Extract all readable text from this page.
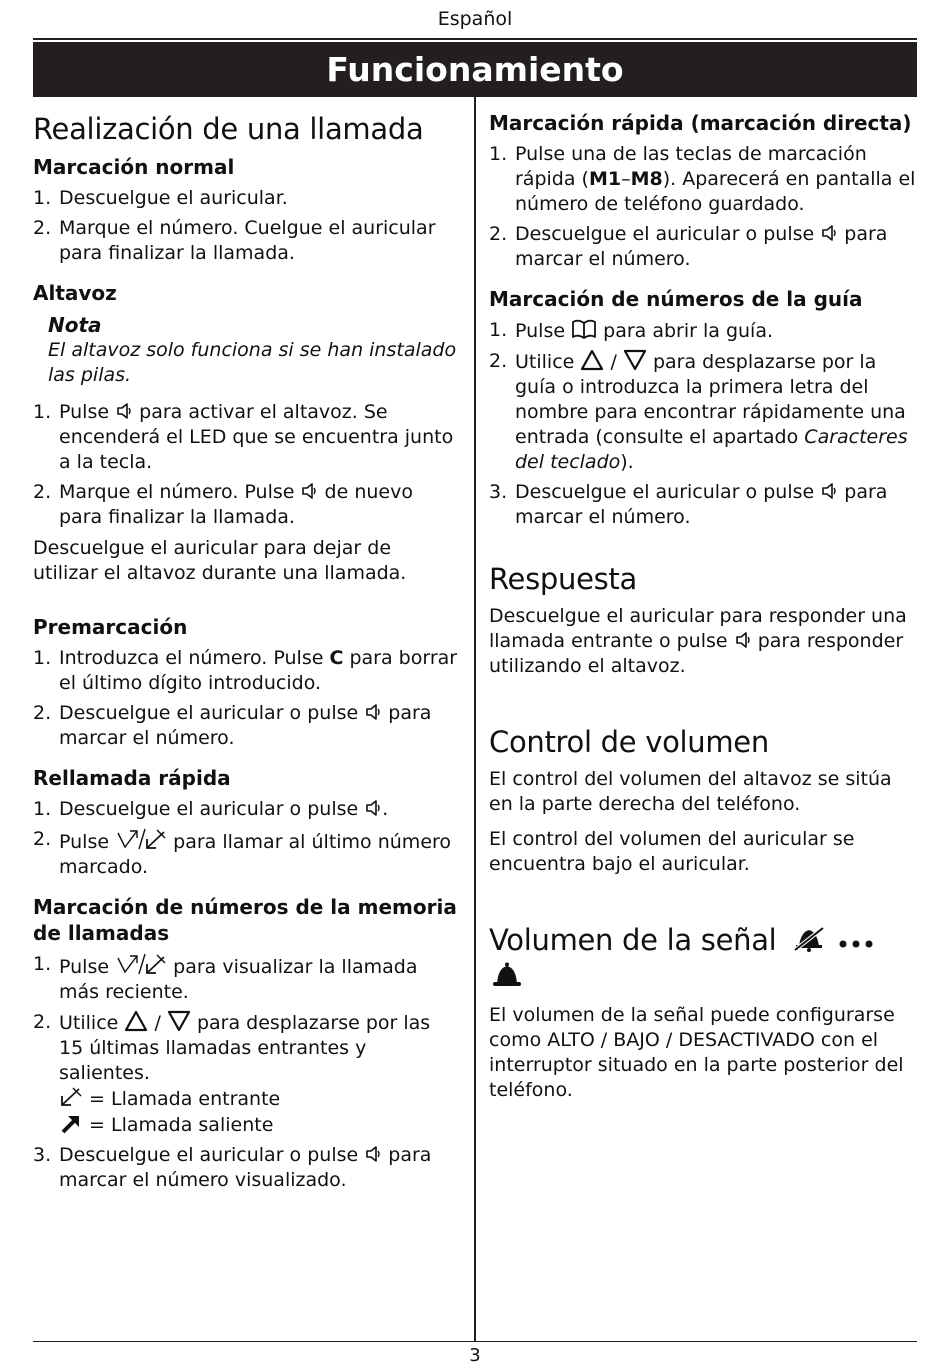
Español
Funcionamiento
Realización de una llamada
Marcación normal
1. Descuelgue el auricular.
2. Marque el número. Cuelgue el auricular para finalizar la llamada.
Altavoz
Nota
El altavoz solo funciona si se han instalado las pilas.
1. Pulse para activar el altavoz. Se encenderá el LED que se encuentra junto a la tecla.
2. Marque el número. Pulse de nuevo para finalizar la llamada.

Descuelgue el auricular para dejar de utilizar el altavoz durante una llamada.

Premarcación
1. Introduzca el número. Pulse C para borrar el último dígito introducido.
2. Descuelgue el auricular o pulse para marcar el número.
Rellamada rápida
1. Descuelgue el auricular o pulse .
2. Pulse	para llamar al último número marcado.
Marcación de números de la memoria de llamadas
1. Pulse	para visualizar la llamada más reciente.
2. Utilice / para desplazarse por las 15 últimas llamadas entrantes y salientes.
= Llamada entrante
= Llamada saliente
3. Descuelgue el auricular o pulse para marcar el número visualizado.
Marcación rápida (marcación directa)
1. Pulse una de las teclas de marcación rápida (M1–M8). Aparecerá en pantalla el número de teléfono guardado.
2. Descuelgue el auricular o pulse para marcar el número.
Marcación de números de la guía
1. Pulse para abrir la guía.
2. Utilice / para desplazarse por la guía o introduzca la primera letra del nombre para encontrar rápidamente una entrada (consulte el apartado Caracteres del teclado).
3. Descuelgue el auricular o pulse para marcar el número.
Respuesta

Descuelgue el auricular para responder una llamada entrante o pulse para responder utilizando el altavoz.

Control de volumen

El control del volumen del altavoz se sitúa en la parte derecha del teléfono.

El control del volumen del auricular se encuentra bajo el auricular.

Volumen de la señal

El volumen de la señal puede configurarse como ALTO / BAJO / DESACTIVADO con el interruptor situado en la parte posterior del teléfono.

3
